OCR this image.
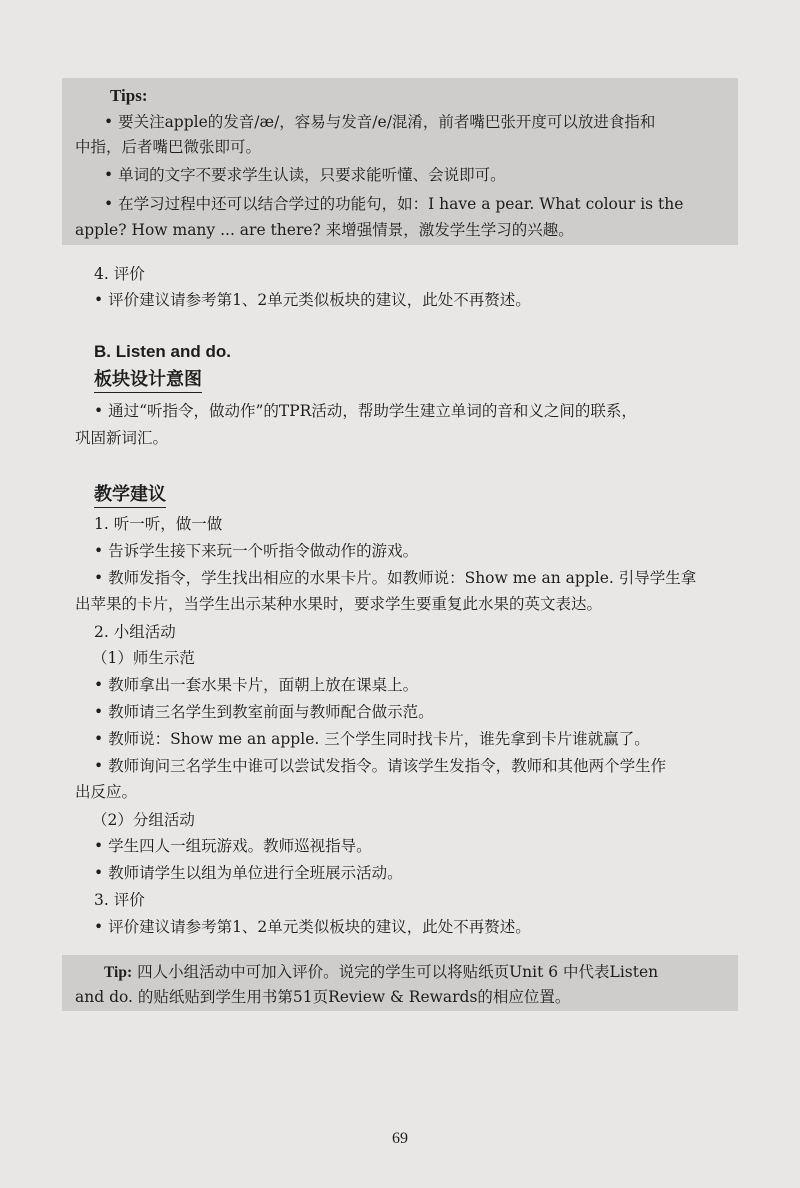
Tips:
• 要关注apple的发音/æ/，容易与发音/e/混淆，前者嘴巴张开度可以放进食指和
中指，后者嘴巴微张即可。
• 单词的文字不要求学生认读，只要求能听懂、会说即可。
• 在学习过程中还可以结合学过的功能句，如：I have a pear. What colour is the
apple? How many ... are there? 来增强情景，激发学生学习的兴趣。
4. 评价
• 评价建议请参考第1、2单元类似板块的建议，此处不再赘述。
B. Listen and do.
板块设计意图
• 通过“听指令，做动作”的TPR活动，帮助学生建立单词的音和义之间的联系，
巩固新词汇。
教学建议
1. 听一听，做一做
• 告诉学生接下来玩一个听指令做动作的游戏。
• 教师发指令，学生找出相应的水果卡片。如教师说：Show me an apple. 引导学生拿
出苹果的卡片，当学生出示某种水果时，要求学生要重复此水果的英文表达。
2. 小组活动
（1）师生示范
• 教师拿出一套水果卡片，面朝上放在课桌上。
• 教师请三名学生到教室前面与教师配合做示范。
• 教师说：Show me an apple. 三个学生同时找卡片，谁先拿到卡片谁就赢了。
• 教师询问三名学生中谁可以尝试发指令。请该学生发指令，教师和其他两个学生作
出反应。
（2）分组活动
• 学生四人一组玩游戏。教师巡视指导。
• 教师请学生以组为单位进行全班展示活动。
3. 评价
• 评价建议请参考第1、2单元类似板块的建议，此处不再赘述。
Tip: 四人小组活动中可加入评价。说完的学生可以将贴纸页Unit 6 中代表Listen
and do. 的贴纸贴到学生用书第51页Review & Rewards的相应位置。
69
